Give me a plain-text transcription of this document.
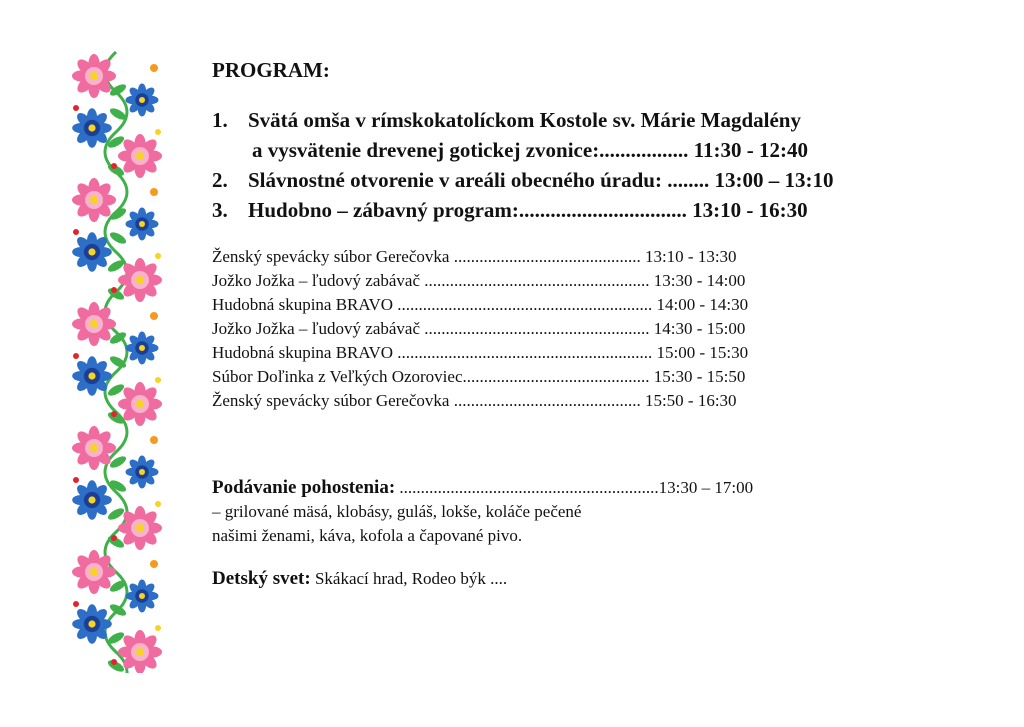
PROGRAM:
1. Svätá omša v rímskokatolíckom Kostole sv. Márie Magdalény
a vysvätenie drevenej gotickej zvonice:................. 11:30 - 12:40
2. Slávnostné otvorenie v areáli obecného úradu: ........ 13:00 – 13:10
3. Hudobno – zábavný program:................................ 13:10 - 16:30
Ženský spevácky súbor Gerečovka ............................................ 13:10 - 13:30
Jožko Jožka – ľudový zabávač ..................................................... 13:30 - 14:00
Hudobná skupina BRAVO ............................................................ 14:00 - 14:30
Jožko Jožka – ľudový zabávač ..................................................... 14:30 - 15:00
Hudobná skupina BRAVO ............................................................ 15:00 - 15:30
Súbor Doľinka z Veľkých Ozoroviec............................................ 15:30 - 15:50
Ženský spevácky súbor Gerečovka ............................................ 15:50 - 16:30
Podávanie pohostenia: .............................................................13:30 – 17:00
– grilované mäsá, klobásy, guláš, lokše, koláče pečené
našimi ženami, káva, kofola a čapované pivo.
Detský svet: Skákací hrad, Rodeo býk ....
